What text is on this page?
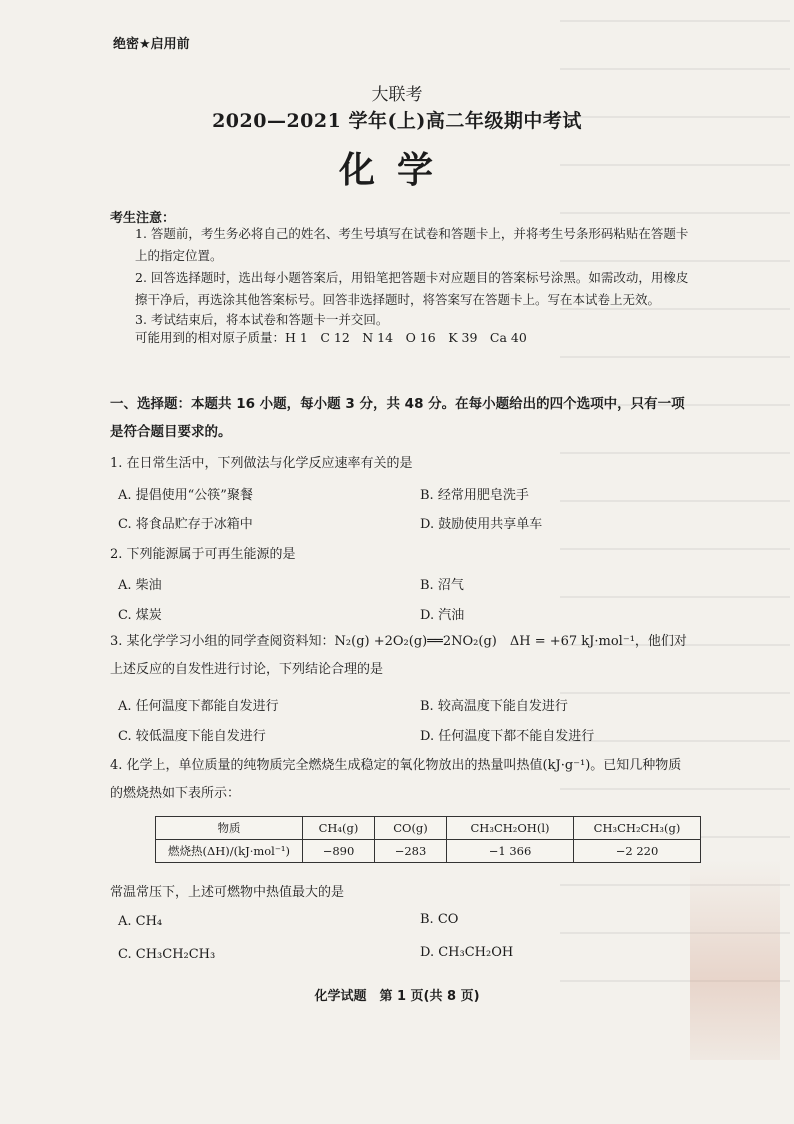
绝密★启用前
大联考
2020—2021 学年(上)高二年级期中考试
化学
考生注意：
1. 答题前，考生务必将自己的姓名、考生号填写在试卷和答题卡上，并将考生号条形码粘贴在答题卡上的指定位置。
2. 回答选择题时，选出每小题答案后，用铅笔把答题卡对应题目的答案标号涂黑。如需改动，用橡皮擦干净后，再选涂其他答案标号。回答非选择题时，将答案写在答题卡上。写在本试卷上无效。
3. 考试结束后，将本试卷和答题卡一并交回。
可能用到的相对原子质量：H 1　C 12　N 14　O 16　K 39　Ca 40
一、选择题：本题共 16 小题，每小题 3 分，共 48 分。在每小题给出的四个选项中，只有一项是符合题目要求的。
1. 在日常生活中，下列做法与化学反应速率有关的是
A. 提倡使用“公筷”聚餐	B. 经常用肥皂洗手
C. 将食品贮存于冰箱中	D. 鼓励使用共享单车
2. 下列能源属于可再生能源的是
A. 柴油	B. 沼气
C. 煤炭	D. 汽油
3. 某化学学习小组的同学查阅资料知：N₂(g) +2O₂(g)══2NO₂(g)　ΔH = +67 kJ·mol⁻¹，他们对上述反应的自发性进行讨论，下列结论合理的是
A. 任何温度下都能自发进行	B. 较高温度下能自发进行
C. 较低温度下能自发进行	D. 任何温度下都不能自发进行
4. 化学上，单位质量的纯物质完全燃烧生成稳定的氧化物放出的热量叫热值(kJ·g⁻¹)。已知几种物质的燃烧热如下表所示：
物质	CH₄(g)	CO(g)	CH₃CH₂OH(l)	CH₃CH₂CH₃(g)
燃烧热(ΔH)/(kJ·mol⁻¹)	−890	−283	−1 366	−2 220
常温常压下，上述可燃物中热值最大的是
A. CH₄	B. CO
C. CH₃CH₂CH₃	D. CH₃CH₂OH
化学试题　第 1 页(共 8 页)
